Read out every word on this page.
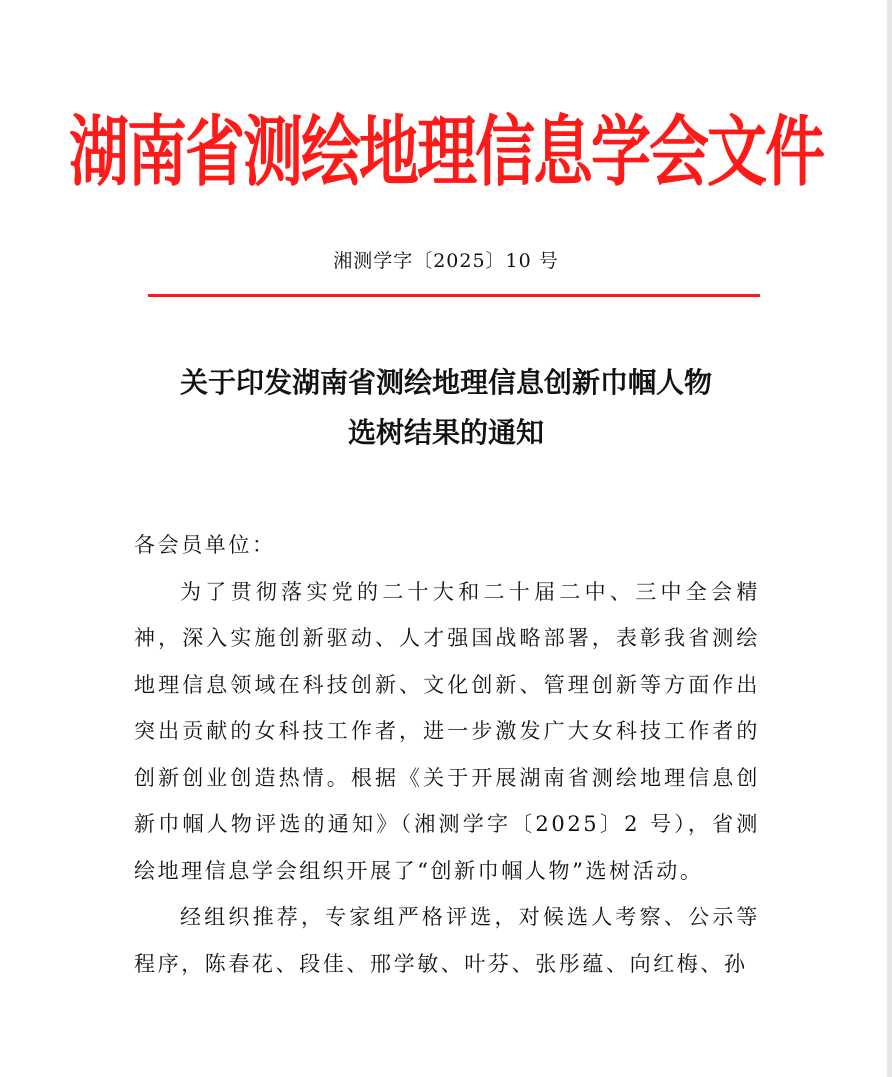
湖南省测绘地理信息学会文件
湘测学字〔2025〕10 号
关于印发湖南省测绘地理信息创新巾帼人物
选树结果的通知

各会员单位：

为了贯彻落实党的二十大和二十届二中、三中全会精神，深入实施创新驱动、人才强国战略部署，表彰我省测绘地理信息领域在科技创新、文化创新、管理创新等方面作出突出贡献的女科技工作者，进一步激发广大女科技工作者的创新创业创造热情。根据《关于开展湖南省测绘地理信息创新巾帼人物评选的通知》（湘测学字〔2025〕2 号），省测绘地理信息学会组织开展了“创新巾帼人物”选树活动。

经组织推荐，专家组严格评选，对候选人考察、公示等程序，陈春花、段佳、邢学敏、叶芬、张彤蕴、向红梅、孙
